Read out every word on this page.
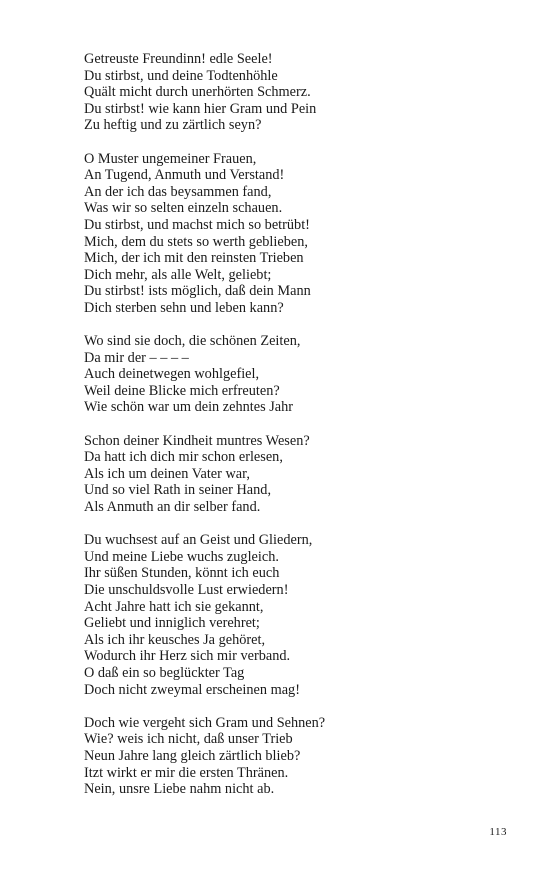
Getreuste Freundinn! edle Seele!
Du stirbst, und deine Todtenhöhle
Quält micht durch unerhörten Schmerz.
Du stirbst! wie kann hier Gram und Pein
Zu heftig und zu zärtlich seyn?
O Muster ungemeiner Frauen,
An Tugend, Anmuth und Verstand!
An der ich das beysammen fand,
Was wir so selten einzeln schauen.
Du stirbst, und machst mich so betrübt!
Mich, dem du stets so werth geblieben,
Mich, der ich mit den reinsten Trieben
Dich mehr, als alle Welt, geliebt;
Du stirbst! ists möglich, daß dein Mann
Dich sterben sehn und leben kann?
Wo sind sie doch, die schönen Zeiten,
Da mir der – – – –
Auch deinetwegen wohlgefiel,
Weil deine Blicke mich erfreuten?
Wie schön war um dein zehntes Jahr
Schon deiner Kindheit muntres Wesen?
Da hatt ich dich mir schon erlesen,
Als ich um deinen Vater war,
Und so viel Rath in seiner Hand,
Als Anmuth an dir selber fand.
Du wuchsest auf an Geist und Gliedern,
Und meine Liebe wuchs zugleich.
Ihr süßen Stunden, könnt ich euch
Die unschuldsvolle Lust erwiedern!
Acht Jahre hatt ich sie gekannt,
Geliebt und inniglich verehret;
Als ich ihr keusches Ja gehöret,
Wodurch ihr Herz sich mir verband.
O daß ein so beglückter Tag
Doch nicht zweymal erscheinen mag!
Doch wie vergeht sich Gram und Sehnen?
Wie? weis ich nicht, daß unser Trieb
Neun Jahre lang gleich zärtlich blieb?
Itzt wirkt er mir die ersten Thränen.
Nein, unsre Liebe nahm nicht ab.
113
